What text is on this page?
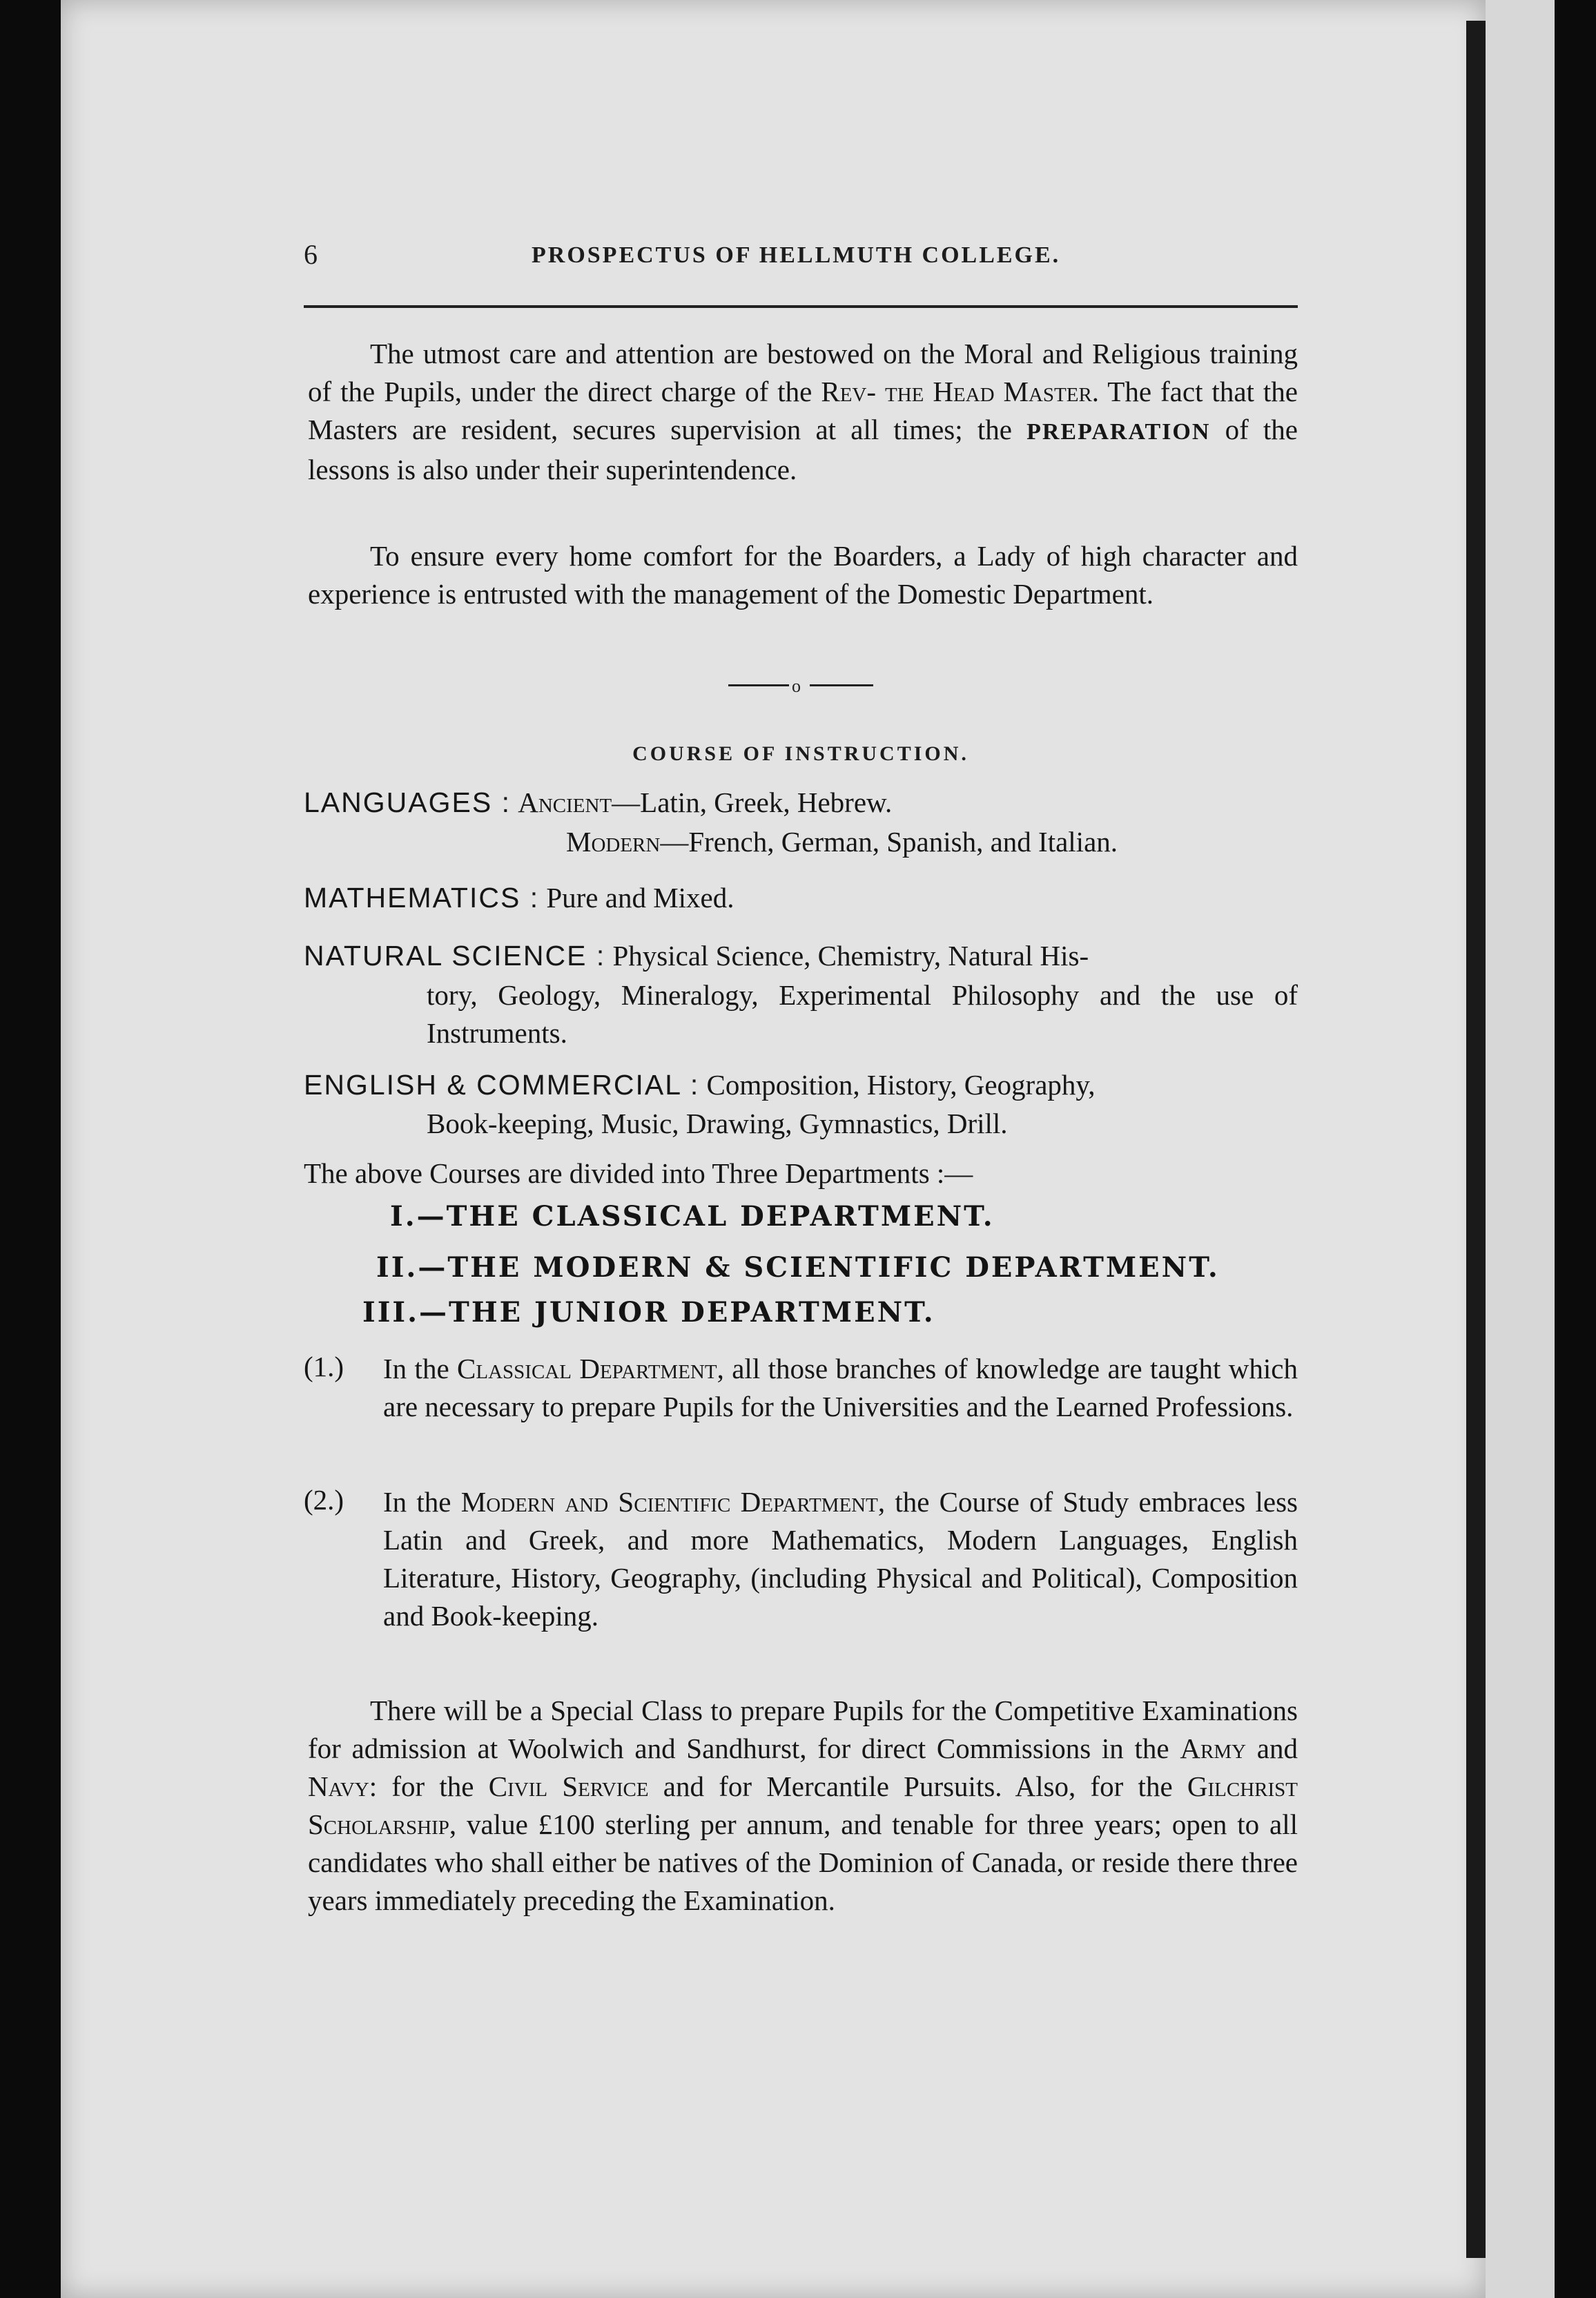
6	PROSPECTUS OF HELLMUTH COLLEGE.
The utmost care and attention are bestowed on the Moral and Religious training of the Pupils, under the direct charge of the Rev- the Head Master. The fact that the Masters are resident, secures supervision at all times; the PREPARATION of the lessons is also under their superintendence.
To ensure every home comfort for the Boarders, a Lady of high character and experience is entrusted with the management of the Domestic Department.
o
COURSE OF INSTRUCTION.
LANGUAGES : Ancient—Latin, Greek, Hebrew.
Modern—French, German, Spanish, and Italian.
MATHEMATICS : Pure and Mixed.
NATURAL SCIENCE : Physical Science, Chemistry, Natural His-
tory, Geology, Mineralogy, Experimental Philosophy and the use of Instruments.
ENGLISH & COMMERCIAL : Composition, History, Geography,
Book-keeping, Music, Drawing, Gymnastics, Drill.
The above Courses are divided into Three Departments :—
I.—THE CLASSICAL DEPARTMENT.
II.—THE MODERN & SCIENTIFIC DEPARTMENT.
III.—THE JUNIOR DEPARTMENT.
(1.) In the Classical Department, all those branches of knowledge are taught which are necessary to prepare Pupils for the Universities and the Learned Professions.
(2.) In the Modern and Scientific Department, the Course of Study embraces less Latin and Greek, and more Mathematics, Modern Languages, English Literature, History, Geography, (including Physical and Political), Composition and Book-keeping.
There will be a Special Class to prepare Pupils for the Competitive Examinations for admission at Woolwich and Sandhurst, for direct Commissions in the Army and Navy: for the Civil Service and for Mercantile Pursuits. Also, for the Gilchrist Scholarship, value £100 sterling per annum, and tenable for three years; open to all candidates who shall either be natives of the Dominion of Canada, or reside there three years immediately preceding the Examination.
